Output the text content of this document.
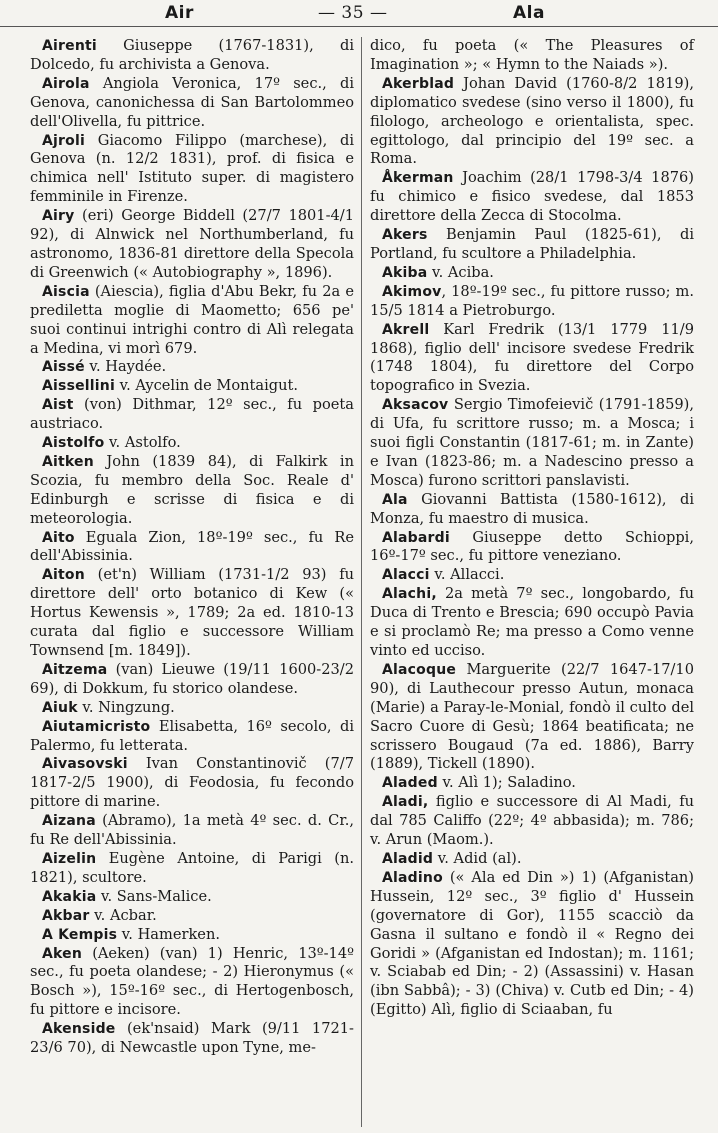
Air	— 35 —	Ala

Airenti Giuseppe (1767-1831), di Dolcedo, fu archivista a Genova.

Airola Angiola Veronica, 17º sec., di Genova, canonichessa di San Bartolommeo dell'Olivella, fu pittrice.

Ajroli Giacomo Filippo (marchese), di Genova (n. 12/2 1831), prof. di fisica e chimica nell' Istituto super. di magistero femminile in Firenze.

Airy (eri) George Biddell (27/7 1801-4/1 92), di Alnwick nel Northumberland, fu astronomo, 1836-81 direttore della Specola di Greenwich (« Autobiography », 1896).

Aiscia (Aiescia), figlia d'Abu Bekr, fu 2a e prediletta moglie di Maometto; 656 pe' suoi continui intrighi contro di Alì relegata a Medina, vi morì 679.

Aissé v. Haydée.

Aissellini v. Aycelin de Montaigut.

Aist (von) Dithmar, 12º sec., fu poeta austriaco.

Aistolfo v. Astolfo.

Aitken John (1839 84), di Falkirk in Scozia, fu membro della Soc. Reale d' Edinburgh e scrisse di fisica e di meteorologia.

Aito Eguala Zion, 18º-19º sec., fu Re dell'Abissinia.

Aiton (et'n) William (1731-1/2 93) fu direttore dell' orto botanico di Kew (« Hortus Kewensis », 1789; 2a ed. 1810-13 curata dal figlio e successore William Townsend [m. 1849]).

Aitzema (van) Lieuwe (19/11 1600-23/2 69), di Dokkum, fu storico olandese.

Aiuk v. Ningzung.

Aiutamicristo Elisabetta, 16º secolo, di Palermo, fu letterata.

Aivasovski Ivan Constantinovič (7/7 1817-2/5 1900), di Feodosia, fu fecondo pittore di marine.

Aizana (Abramo), 1a metà 4º sec. d. Cr., fu Re dell'Abissinia.

Aizelin Eugène Antoine, di Parigi (n. 1821), scultore.

Akakia v. Sans-Malice.

Akbar v. Acbar.

A Kempis v. Hamerken.

Aken (Aeken) (van) 1) Henric, 13º-14º sec., fu poeta olandese; - 2) Hieronymus (« Bosch »), 15º-16º sec., di Hertogenbosch, fu pittore e incisore.

Akenside (ek'nsaid) Mark (9/11 1721-23/6 70), di Newcastle upon Tyne, me-

dico, fu poeta (« The Pleasures of Imagination »; « Hymn to the Naiads »).

Akerblad Johan David (1760-8/2 1819), diplomatico svedese (sino verso il 1800), fu filologo, archeologo e orientalista, spec. egittologo, dal principio del 19º sec. a Roma.

Åkerman Joachim (28/1 1798-3/4 1876) fu chimico e fisico svedese, dal 1853 direttore della Zecca di Stocolma.

Akers Benjamin Paul (1825-61), di Portland, fu scultore a Philadelphia.

Akiba v. Aciba.

Akimov, 18º-19º sec., fu pittore russo; m. 15/5 1814 a Pietroburgo.

Akrell Karl Fredrik (13/1 1779 11/9 1868), figlio dell' incisore svedese Fredrik (1748 1804), fu direttore del Corpo topografico in Svezia.

Aksacov Sergio Timofeievič (1791-1859), di Ufa, fu scrittore russo; m. a Mosca; i suoi figli Constantin (1817-61; m. in Zante) e Ivan (1823-86; m. a Nadescino presso a Mosca) furono scrittori panslavisti.

Ala Giovanni Battista (1580-1612), di Monza, fu maestro di musica.

Alabardi Giuseppe detto Schioppi, 16º-17º sec., fu pittore veneziano.

Alacci v. Allacci.

Alachi, 2a metà 7º sec., longobardo, fu Duca di Trento e Brescia; 690 occupò Pavia e si proclamò Re; ma presso a Como venne vinto ed ucciso.

Alacoque Marguerite (22/7 1647-17/10 90), di Lauthecour presso Autun, monaca (Marie) a Paray-le-Monial, fondò il culto del Sacro Cuore di Gesù; 1864 beatificata; ne scrissero Bougaud (7a ed. 1886), Barry (1889), Tickell (1890).

Aladed v. Alì 1); Saladino.

Aladi, figlio e successore di Al Madi, fu dal 785 Califfo (22º; 4º abbasida); m. 786; v. Arun (Maom.).

Aladid v. Adid (al).

Aladino (« Ala ed Din ») 1) (Afganistan) Hussein, 12º sec., 3º figlio d' Hussein (governatore di Gor), 1155 scacciò da Gasna il sultano e fondò il « Regno dei Goridi » (Afganistan ed Indostan); m. 1161; v. Sciabab ed Din; - 2) (Assassini) v. Hasan (ibn Sabbâ); - 3) (Chiva) v. Cutb ed Din; - 4) (Egitto) Alì, figlio di Sciaaban, fu
